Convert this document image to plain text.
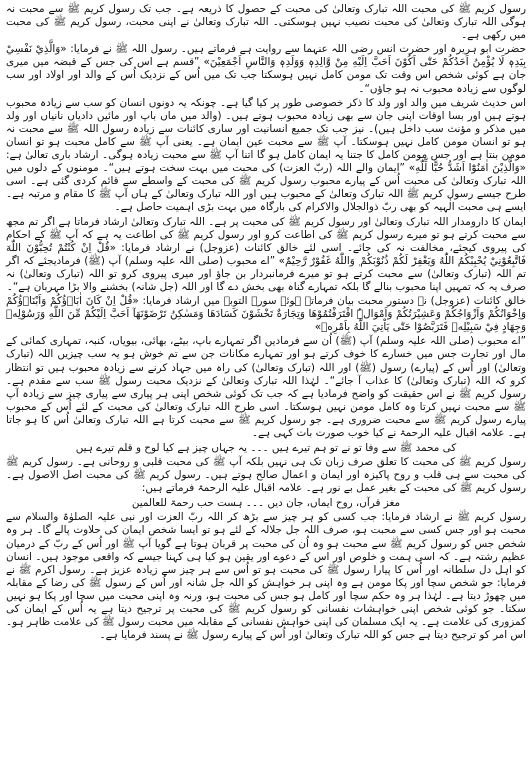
رسول کریم ﷺ کی محبت اللہ تبارک وتعالیٰ کی محبت کے حصول کا ذریعہ ہے۔ جب تک رسول کریم ﷺ سے محبت نہ ہوگی اللہ تبارک وتعالیٰ کی محبت نصیب نہیں ہوسکتی۔ اللہ تبارک وتعالیٰ نے اپنی محبت، رسول کریم ﷺ کی محبت میں رکھی ہے۔

حضرت ابو ہریرہ اور حضرت انس رضی اللہ عنہما سے روایت ہے فرماتے ہیں۔ رسول اللہ ﷺ نے فرمایا: «وَالَّذِيْ نَفْسِيْ بِيَدِهٖ لَا يُؤْمِنُ اَحَدُكُمْ حَتّٰى اَكُوْنَ اَحَبَّ اِلَيْهِ مِنْ وَّالِدِهٖ وَوَلَدِهٖ وَالنَّاسِ اَجْمَعِيْنَ» ”قسم ہے اس کی جس کے قبضہ میں میری جان ہے کوئی شخص اس وقت تک مومن کامل نہیں ہوسکتا جب تک میں اُس کے نزدیک اُس کے والد اور اولاد اور سب لوگوں سے زیادہ محبوب نہ ہو جاؤں“۔

اس حدیث شریف میں والد اور ولد کا ذکر خصوصی طور پر کیا گیا ہے۔ چونکہ یہ دونوں انسان کو سب سے زیادہ محبوب ہوتے ہیں اور بسا اوقات اپنی جان سے بھی زیادہ محبوب ہوتے ہیں۔ (والد میں ماں باپ اور مائیں دادیاں نانیاں اور ولد میں مذکر و مؤنث سب داخل ہیں)۔ نیز جب تک جمیع انسانیت اور ساری کائنات سے زیادہ رسول اللہ ﷺ سے محبت نہ ہو تو انسان مومن کامل نہیں ہوسکتا۔ آپ ﷺ سے محبت عین ایمان ہے۔ یعنی آپ ﷺ سے کامل محبت ہو تو انسان مومن بنتا ہے اور جس مومن کامل کا جتنا یہ ایمان کامل ہو گا اتنا آپ ﷺ سے محبت زیادہ ہوگی۔ ارشاد باری تعالیٰ ہے: «وَالَّذِيْنَ اٰمَنُوْٓا اَشَدُّ حُبًّا لِّلّٰهِ» ”ایمان والے اللہ (ربّ العزت) کی محبت میں بہت سخت ہوتے ہیں“۔ مومنوں کے دلوں میں اللہ تبارک وتعالیٰ کی محبت اُس کے پیارے محبوب رسول کریم ﷺ کی محبت کے واسطے سے قائم کردی گئی ہے۔ اسی طرح جیسے رسول کریم ﷺ اللہ تبارک وتعالیٰ کے محبوب ہیں اور اللہ تبارک وتعالیٰ کے ہاں آپ ﷺ کا مقام و مرتبہ ہے۔ ایسے ہی محبت الٰہیہ کو بھی ربّ ذوالجلال والاکرام کی بارگاہ میں بہت بڑی اہمیت حاصل ہے۔

ایمان کا دارومدار اللہ تبارک وتعالیٰ اور رسول کریم ﷺ کی محبت پر ہے۔ اللہ تبارک وتعالیٰ ارشاد فرماتا ہے اگر تم مجھ سے محبت کرتے ہو تو میرے رسول کریم ﷺ کی اطاعت کرو اور رسول کریم ﷺ کی اطاعت یہ ہے کہ آپ ﷺ کے احکام کی پیروی کیجئے، مخالفت نہ کی جائے۔ اسی لئے خالق کائنات (عزوجل) نے ارشاد فرمایا: «قُلْ اِنْ كُنْتُمْ تُحِبُّوْنَ اللّٰهَ فَاتَّبِعُوْنِيْ يُحْبِبْكُمُ اللّٰهُ وَيَغْفِرْ لَكُمْ ذُنُوْبَكُمْ ۭ وَاللّٰهُ غَفُوْرٌ رَّحِيْمٌ» ”اے محبوب (صلی اللہ علیہ وسلم) آپ (ﷺ) فرمادیجئے کہ اگر تم اللہ (تبارک وتعالیٰ) سے محبت کرتے ہو تو میرے فرمانبردار بن جاؤ اور میری پیروی کرو تو اللہ (تبارک وتعالیٰ) نہ صرف یہ کہ تمہیں اپنا محبوب بنالے گا بلکہ تمہارے گناہ بھی بخش دے گا اور اللہ (جل شانہ) بخشنے والا بڑا مہربان ہے“۔

خالق کائنات (عزوجل) نے دستور محبت بیان فرماتے ہوئے سورۃ التوبہ میں ارشاد فرمایا: «قُلْ اِنْ كَانَ اٰبَاۗؤُكُمْ وَاَبْنَاۗؤُكُمْ وَاِخْوَانُكُمْ وَاَزْوَاجُكُمْ وَعَشِيْرَتُكُمْ وَاَمْوَالُۨ اقْتَرَفْتُمُوْهَا وَتِجَارَةٌ تَخْشَوْنَ كَسَادَهَا وَمَسٰكِنُ تَرْضَوْنَهَآ اَحَبَّ اِلَيْكُمْ مِّنَ اللّٰهِ وَرَسُوْلِهٖ وَجِهَادٍ فِيْ سَبِيْلِهٖ فَتَرَبَّصُوْا حَتّٰى يَاْتِيَ اللّٰهُ بِاَمْرِهٖ»

”اے محبوب (صلی اللہ علیہ وسلم) آپ (ﷺ) اُن سے فرمادیں اگر تمہارے باپ، بیٹے، بھائی، بیویاں، کنبہ، تمہاری کمائی کے مال اور تجارت جس میں خسارے کا خوف کرتے ہو اور تمہارے مکانات جن سے تم خوش ہو یہ سب چیزیں اللہ (تبارک وتعالیٰ) اور اُس کے (پیارے) رسول (ﷺ) اور اللہ (تبارک وتعالیٰ) کی راہ میں جہاد کرنے سے زیادہ محبوب ہیں تو انتظار کرو کہ اللہ (تبارک وتعالیٰ) کا عذاب آ جائے“۔ لہٰذا اللہ تبارک وتعالیٰ کے نزدیک محبت رسول ﷺ سب سے مقدم ہے۔ رسول کریم ﷺ نے اس حقیقت کو واضح فرمادیا ہے کہ جب تک کوئی شخص اپنی ہر پیاری سے پیاری چیز سے زیادہ آپ ﷺ سے محبت نہیں کرتا وہ کامل مومن نہیں ہوسکتا۔ اسی طرح اللہ تبارک وتعالیٰ کی محبت کے لئے اُس کے محبوب پیارے رسول کریم ﷺ سے محبت ضروری ہے۔ جو رسول کریم ﷺ سے محبت کرتا ہے اللہ تبارک وتعالیٰ اُس کا ہو جاتا ہے۔ علامہ اقبال علیہ الرحمۃ نے کیا خوب صورت بات کہی ہے۔

کی محمد ﷺ سے وفا تو نے تو ہم تیرے ہیں ۔۔۔ یہ جہاں چیز ہے کیا لوح و قلم تیرے ہیں

رسول کریم ﷺ کی محبت کا تعلق صرف زبان تک ہی نہیں بلکہ آپ ﷺ کی محبت قلبی و روحانی ہے۔ رسول کریم ﷺ کی محبت سے ہی قلب و روح پاکیزہ اور ایمان و اعمال صالح ہوتے ہیں۔ رسول کریم ﷺ کی محبت اصل الاصول ہے۔ رسول کریم ﷺ کی محبت کے بغیر عمل بے نور ہے۔ علامہ اقبال علیہ الرحمۃ فرماتے ہیں:

مغز قرآں، روح ایماں، جان دیں ۔۔۔ ہست حب رحمۃ للعالمین

رسول کریم ﷺ نے ارشاد فرمایا: جب کسی کو ہر چیز سے بڑھ کر اللہ ربّ العزت اور نبی علیہ الصلوٰۃ والسلام سے محبت ہو اور جس کسی سے محبت ہو، صرف اللہ جل جلالہ کے لئے ہو تو ایسا شخص ایمان کی حلاوت پالے گا۔ ہر وہ شخص جس کو رسول کریم ﷺ سے محبت ہو وہ اُن کی محبت پر قربان ہوتا ہے گویا آپ ﷺ اور اُس کے ربّ کے درمیان عظیم رشتہ ہے۔ کہ اسی ہمت و خلوص اور اس کے دعوے اور یقین ہو کیا ہی کہنا جیسے کہ واقعی موجود ہیں۔ انسان کو اہل دل سلطانہ اور اُس کا پیارا رسول ﷺ کی محبت ہو تو اُس سے ہر چیز سے زیادہ عزیز ہے۔ رسول اکرم ﷺ نے فرمایا: جو شخص سچا اور پکا مومن ہے وہ اپنی ہر خواہش کو اللہ جل شانہ اور اُس کے رسول ﷺ کی رضا کے مقابلہ میں چھوڑ دیتا ہے۔ لہٰذا ہر وہ حکم سچا اور کامل ہو جس کی محبت ہو، ورنہ وہ اپنی محبت میں سچا اور پکا ہو نہیں سکتا۔ جو کوئی شخص اپنی خواہشات نفسانی کو رسول کریم ﷺ کی محبت پر ترجیح دیتا ہے یہ اُس کے ایمان کی کمزوری کی علامت ہے۔ یہ ایک مسلمان کی اپنی خواہش نفسانی کے مقابلہ میں محبت رسول ﷺ کی علامت ظاہر ہو۔ اس امر کو ترجیح دیتا ہے جس کو اللہ تبارک وتعالیٰ اور اُس کے پیارے رسول ﷺ نے پسند فرمایا ہے۔
